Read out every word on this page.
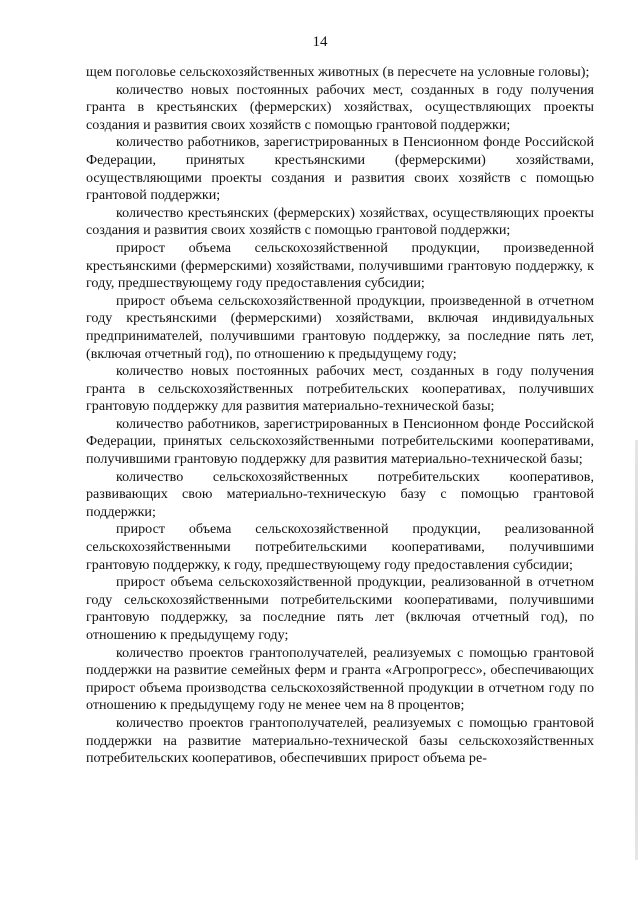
14

щем поголовье сельскохозяйственных животных (в пересчете на условные головы);

количество новых постоянных рабочих мест, созданных в году получения гранта в крестьянских (фермерских) хозяйствах, осуществляющих проекты создания и развития своих хозяйств с помощью грантовой поддержки;

количество работников, зарегистрированных в Пенсионном фонде Российской Федерации, принятых крестьянскими (фермерскими) хозяйствами, осуществляющими проекты создания и развития своих хозяйств с помощью грантовой поддержки;

количество крестьянских (фермерских) хозяйствах, осуществляющих проекты создания и развития своих хозяйств с помощью грантовой поддержки;

прирост объема сельскохозяйственной продукции, произведенной крестьянскими (фермерскими) хозяйствами, получившими грантовую поддержку, к году, предшествующему году предоставления субсидии;

прирост объема сельскохозяйственной продукции, произведенной в отчетном году крестьянскими (фермерскими) хозяйствами, включая индивидуальных предпринимателей, получившими грантовую поддержку, за последние пять лет, (включая отчетный год), по отношению к предыдущему году;

количество новых постоянных рабочих мест, созданных в году получения гранта в сельскохозяйственных потребительских кооперативах, получивших грантовую поддержку для развития материально-технической базы;

количество работников, зарегистрированных в Пенсионном фонде Российской Федерации, принятых сельскохозяйственными потребительскими кооперативами, получившими грантовую поддержку для развития материально-технической базы;

количество сельскохозяйственных потребительских кооперативов, развивающих свою материально-техническую базу с помощью грантовой поддержки;

прирост объема сельскохозяйственной продукции, реализованной сельскохозяйственными потребительскими кооперативами, получившими грантовую поддержку, к году, предшествующему году предоставления субсидии;

прирост объема сельскохозяйственной продукции, реализованной в отчетном году сельскохозяйственными потребительскими кооперативами, получившими грантовую поддержку, за последние пять лет (включая отчетный год), по отношению к предыдущему году;

количество проектов грантополучателей, реализуемых с помощью грантовой поддержки на развитие семейных ферм и гранта «Агропрогресс», обеспечивающих прирост объема производства сельскохозяйственной продукции в отчетном году по отношению к предыдущему году не менее чем на 8 процентов;

количество проектов грантополучателей, реализуемых с помощью грантовой поддержки на развитие материально-технической базы сельскохозяйственных потребительских кооперативов, обеспечивших прирост объема ре-
